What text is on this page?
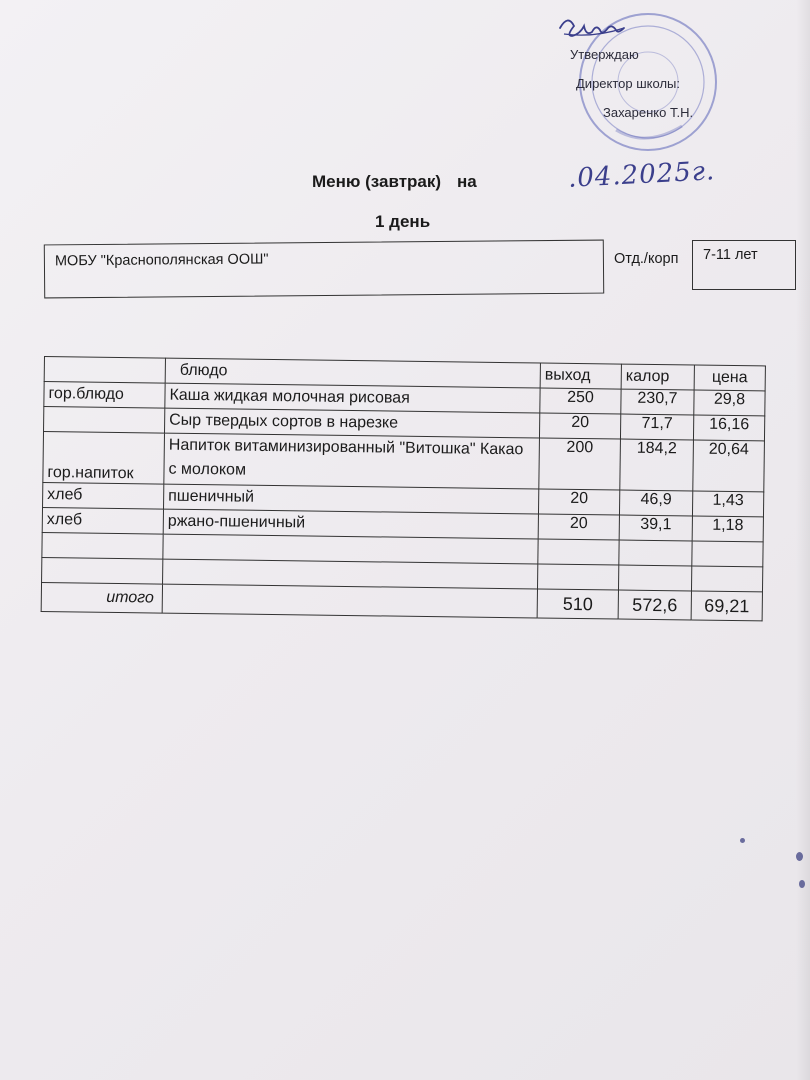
Утверждаю
Директор школы:
Захаренко Т.Н.
Меню (завтрак) на	.04.2025г.
1 день
МОБУ "Краснополянская ООШ"	Отд./корп	7-11 лет
	блюдо	выход	калор	цена
гор.блюдо	Каша жидкая молочная рисовая	250	230,7	29,8
	Сыр твердых сортов в нарезке	20	71,7	16,16
гор.напиток	Напиток витаминизированный "Витошка" Какао с молоком	200	184,2	20,64
хлеб	пшеничный	20	46,9	1,43
хлеб	ржано-пшеничный	20	39,1	1,18

итого		510	572,6	69,21
